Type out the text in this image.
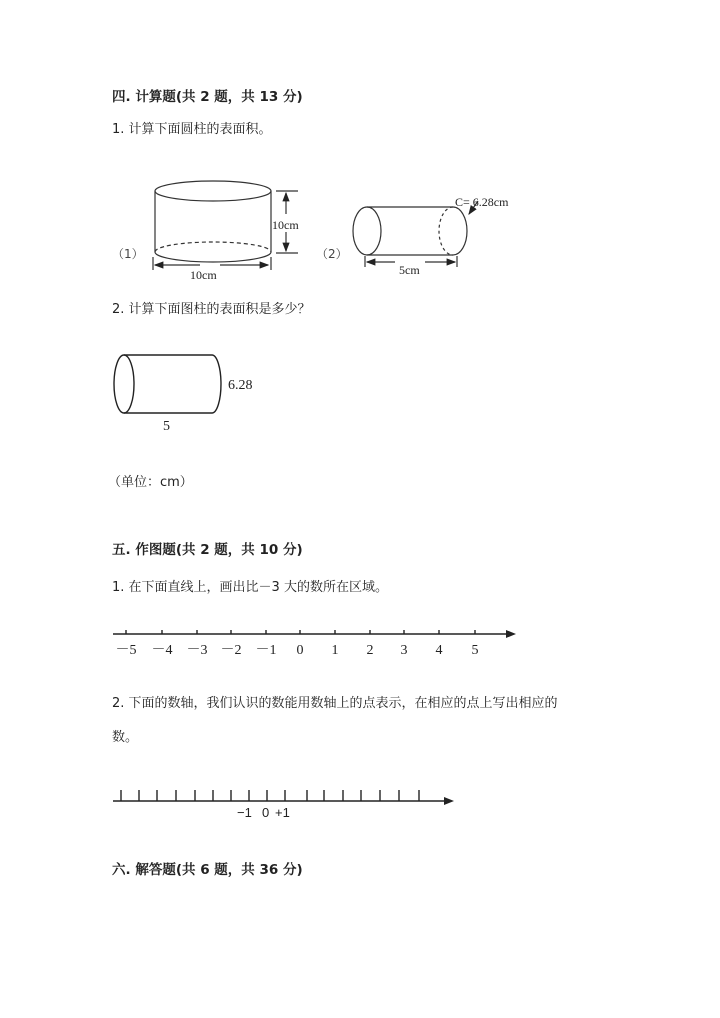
四. 计算题(共 2 题，共 13 分)
1. 计算下面圆柱的表面积。
（1）
10cm
10cm
（2）
C= 6.28cm
5cm
6.28
5
－5 －4 －3 －2 －1 0 1 2 3 4 5
−1 0 +1
2. 计算下面图柱的表面积是多少？
（单位：cm）
五. 作图题(共 2 题，共 10 分)
1. 在下面直线上，画出比－3 大的数所在区域。
2. 下面的数轴，我们认识的数能用数轴上的点表示，在相应的点上写出相应的
数。
六. 解答题(共 6 题，共 36 分)
